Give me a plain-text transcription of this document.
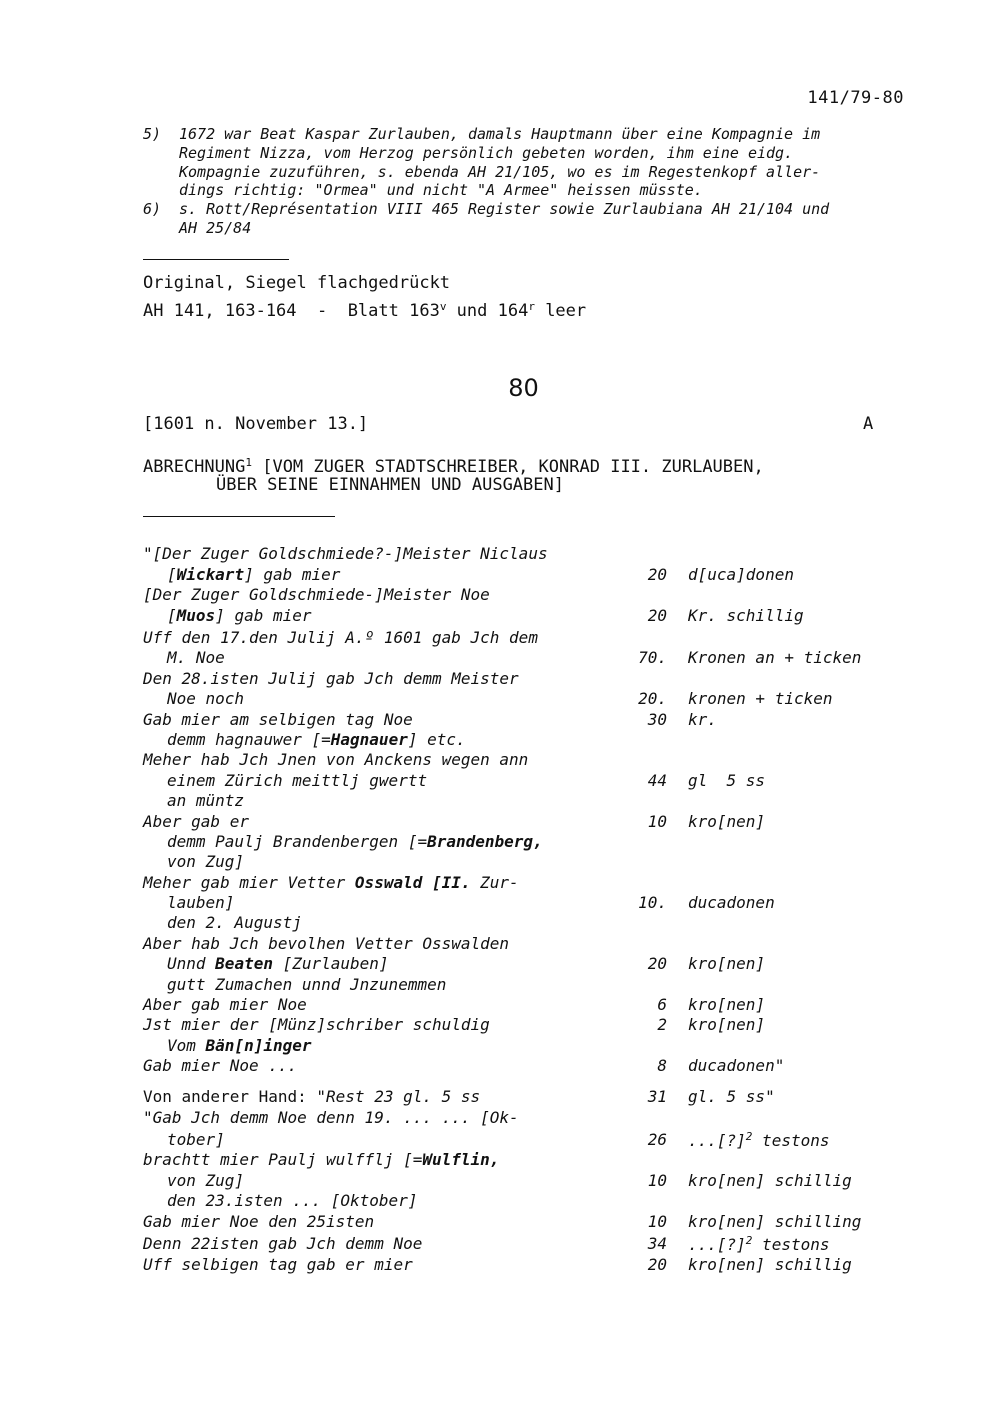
141/79-80
5) 1672 war Beat Kaspar Zurlauben, damals Hauptmann über eine Kompagnie im
Regiment Nizza, vom Herzog persönlich gebeten worden, ihm eine eidg.
Kompagnie zuzuführen, s. ebenda AH 21/105, wo es im Regestenkopf aller-
dings richtig: "Ormea" und nicht "A Armee" heissen müsste.
6) s. Rott/Représentation VIII 465 Register sowie Zurlaubiana AH 21/104 und
AH 25/84
Original, Siegel flachgedrückt
AH 141, 163-164  -  Blatt 163$^v$ und 164$^r$ leer
80
[1601 n. November 13.]	A
ABRECHNUNG$^1$ [VOM ZUGER STADTSCHREIBER, KONRAD III. ZURLAUBEN,
ÜBER SEINE EINNAHMEN UND AUSGABEN]
"[Der Zuger Goldschmiede?-]Meister Niclaus
[Wickart] gab mier	20 d[uca]donen
[Der Zuger Goldschmiede-]Meister Noe
[Muos] gab mier	20 Kr. schillig
Uff den 17.den Julij A.º 1601 gab Jch dem
M. Noe	70. Kronen an + ticken
Den 28.isten Julij gab Jch demm Meister
Noe noch	20. kronen + ticken
Gab mier am selbigen tag Noe	30 kr.
demm hagnauwer [=Hagnauer] etc.
Meher hab Jch Jnen von Anckens wegen ann
einem Zürich meittlj gwertt	44 gl  5 ss
an müntz
Aber gab er	10 kro[nen]
demm Paulj Brandenbergen [=Brandenberg,
von Zug]
Meher gab mier Vetter Osswald [II. Zur-
lauben]	10. ducadonen
den 2. Augustj
Aber hab Jch bevolhen Vetter Osswalden
Unnd Beaten [Zurlauben]	20 kro[nen]
gutt Zumachen unnd Jnzunemmen
Aber gab mier Noe	6 kro[nen]
Jst mier der [Münz]schriber schuldig	2 kro[nen]
Vom Bän[n]inger
Gab mier Noe ...	8 ducadonen"
Von anderer Hand: "Rest 23 gl. 5 ss	31 gl. 5 ss"
"Gab Jch demm Noe denn 19. ... ... [Ok-
tober]	26 ...[?]$^2$ testons
brachtt mier Paulj wulfflj [=Wulflin,
von Zug]	10 kro[nen] schillig
den 23.isten ... [Oktober]
Gab mier Noe den 25isten	10 kro[nen] schilling
Denn 22isten gab Jch demm Noe	34 ...[?]$^2$ testons
Uff selbigen tag gab er mier	20 kro[nen] schillig
